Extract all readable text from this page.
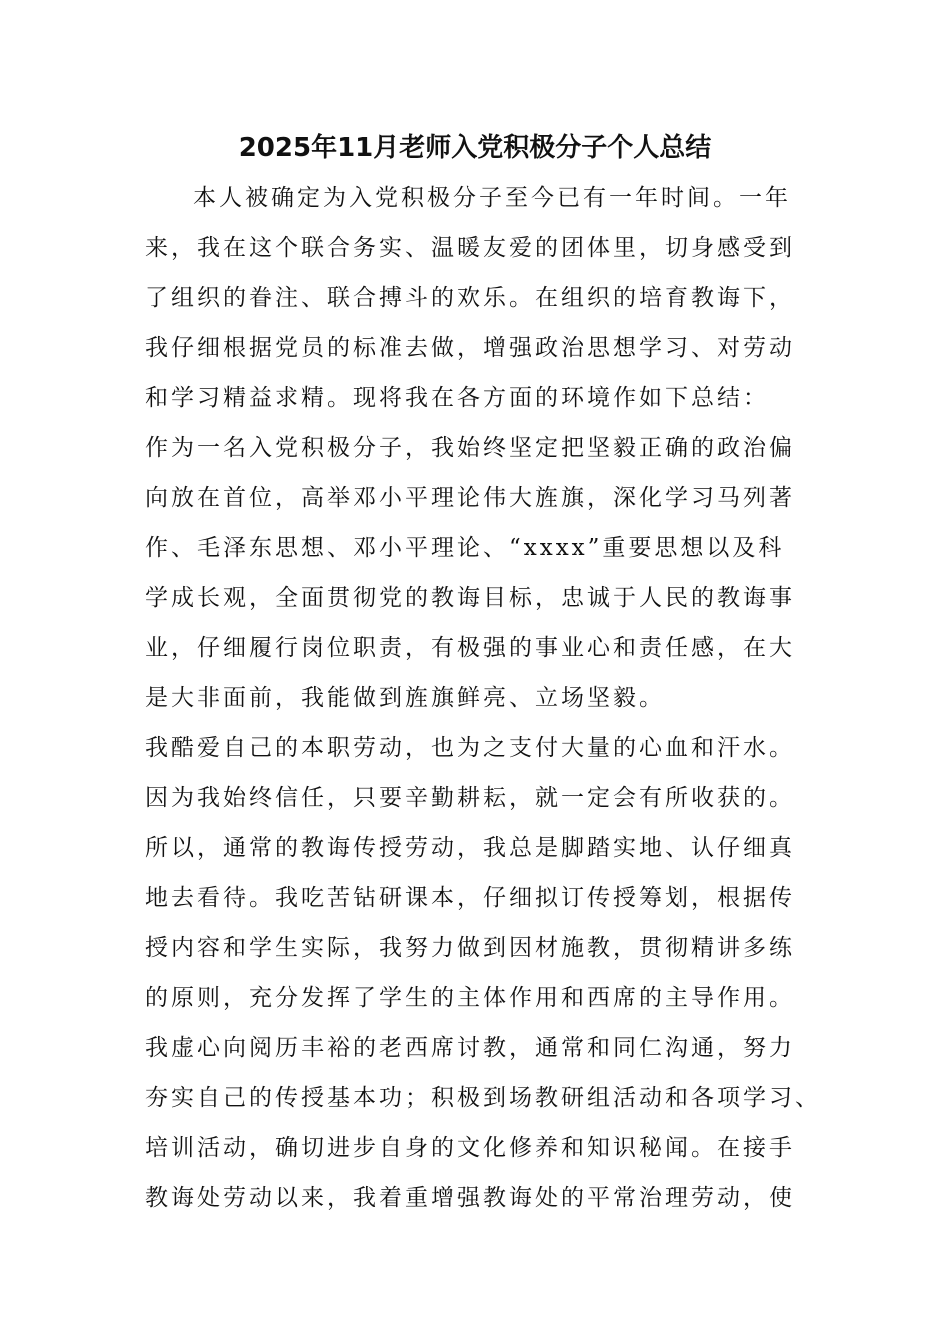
2025年11月老师入党积极分子个人总结
本人被确定为入党积极分子至今已有一年时间。一年
来，我在这个联合务实、温暖友爱的团体里，切身感受到
了组织的眷注、联合搏斗的欢乐。在组织的培育教诲下，
我仔细根据党员的标准去做，增强政治思想学习、对劳动
和学习精益求精。现将我在各方面的环境作如下总结：
作为一名入党积极分子，我始终坚定把坚毅正确的政治偏
向放在首位，高举邓小平理论伟大旌旗，深化学习马列著
作、毛泽东思想、邓小平理论、“xxxx”重要思想以及科
学成长观，全面贯彻党的教诲目标，忠诚于人民的教诲事
业，仔细履行岗位职责，有极强的事业心和责任感，在大
是大非面前，我能做到旌旗鲜亮、立场坚毅。
我酷爱自己的本职劳动，也为之支付大量的心血和汗水。
因为我始终信任，只要辛勤耕耘，就一定会有所收获的。
所以，通常的教诲传授劳动，我总是脚踏实地、认仔细真
地去看待。我吃苦钻研课本，仔细拟订传授筹划，根据传
授内容和学生实际，我努力做到因材施教，贯彻精讲多练
的原则，充分发挥了学生的主体作用和西席的主导作用。
我虚心向阅历丰裕的老西席讨教，通常和同仁沟通，努力
夯实自己的传授基本功；积极到场教研组活动和各项学习、
培训活动，确切进步自身的文化修养和知识秘闻。在接手
教诲处劳动以来，我着重增强教诲处的平常治理劳动，使
